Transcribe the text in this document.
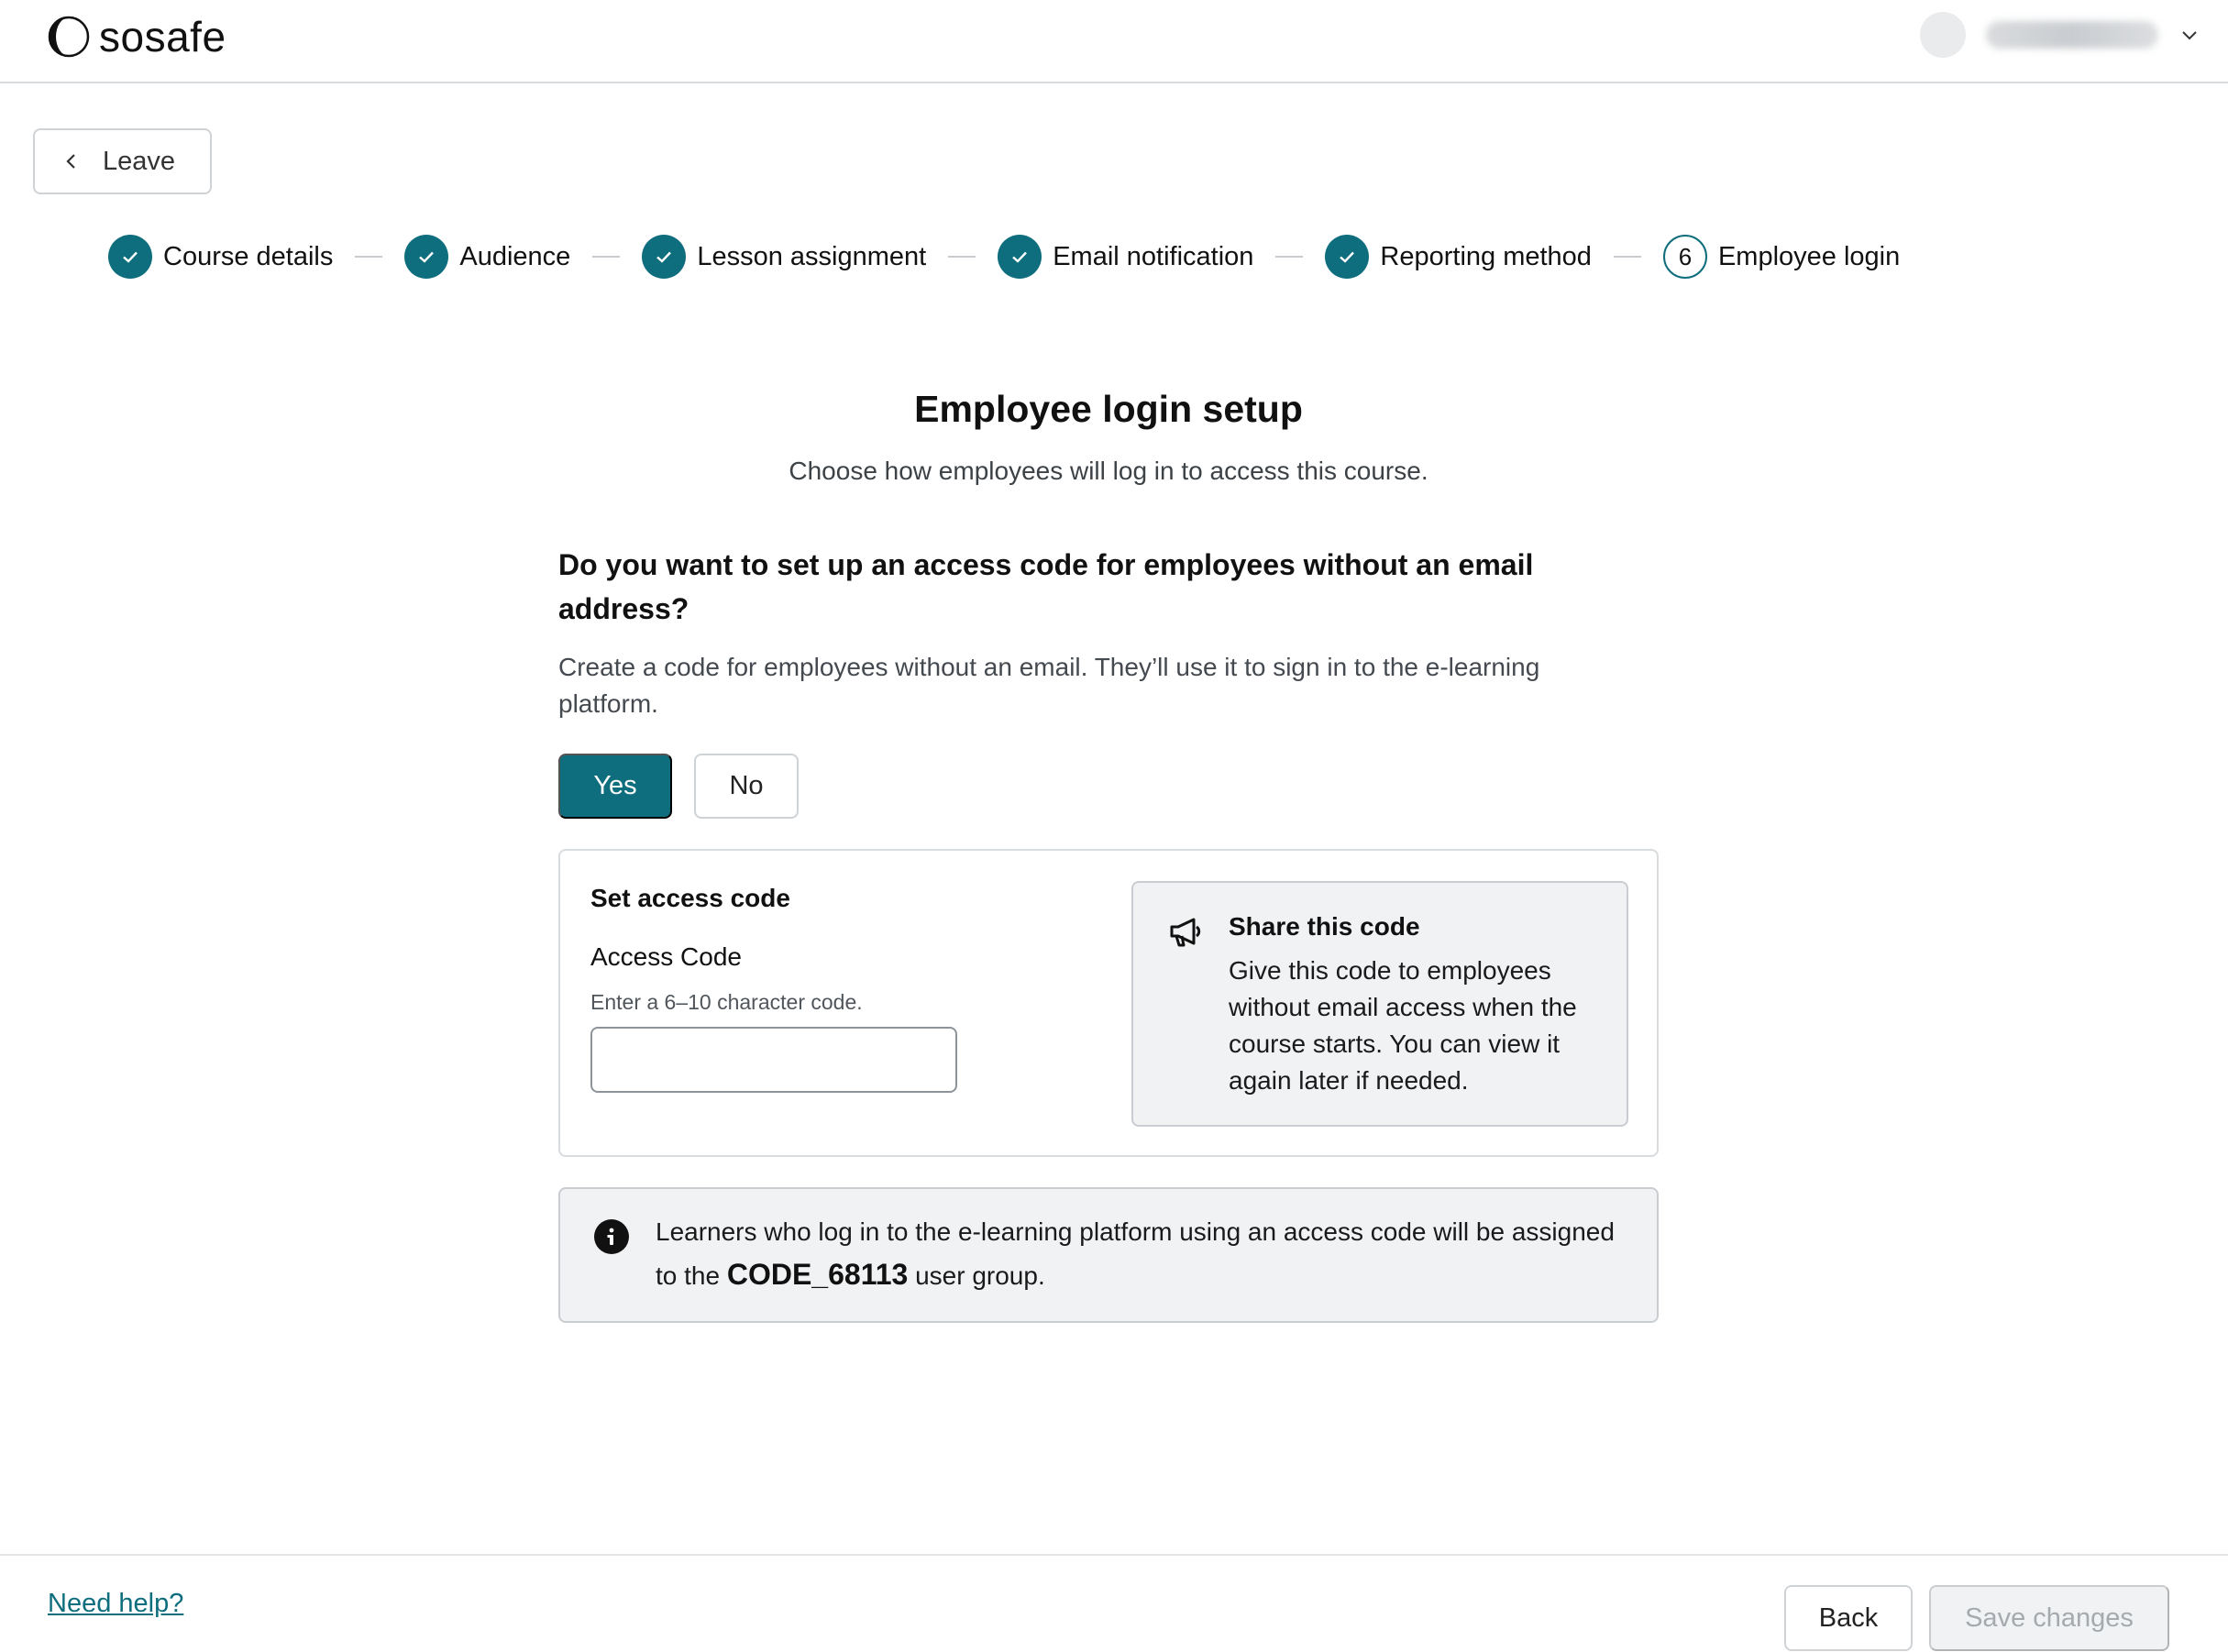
sosafe
Leave
Course details	Audience	Lesson assignment	Email notification	Reporting method	6 Employee login
Employee login setup

Choose how employees will log in to access this course.

Do you want to set up an access code for employees without an email address?

Create a code for employees without an email. They’ll use it to sign in to the e-learning platform.

Yes	No
Set access code
Access Code
Enter a 6–10 character code.
Share this code
Give this code to employees without email access when the course starts. You can view it again later if needed.
Learners who log in to the e-learning platform using an access code will be assigned to the CODE_68113 user group.
Need help?	Back	Save changes
